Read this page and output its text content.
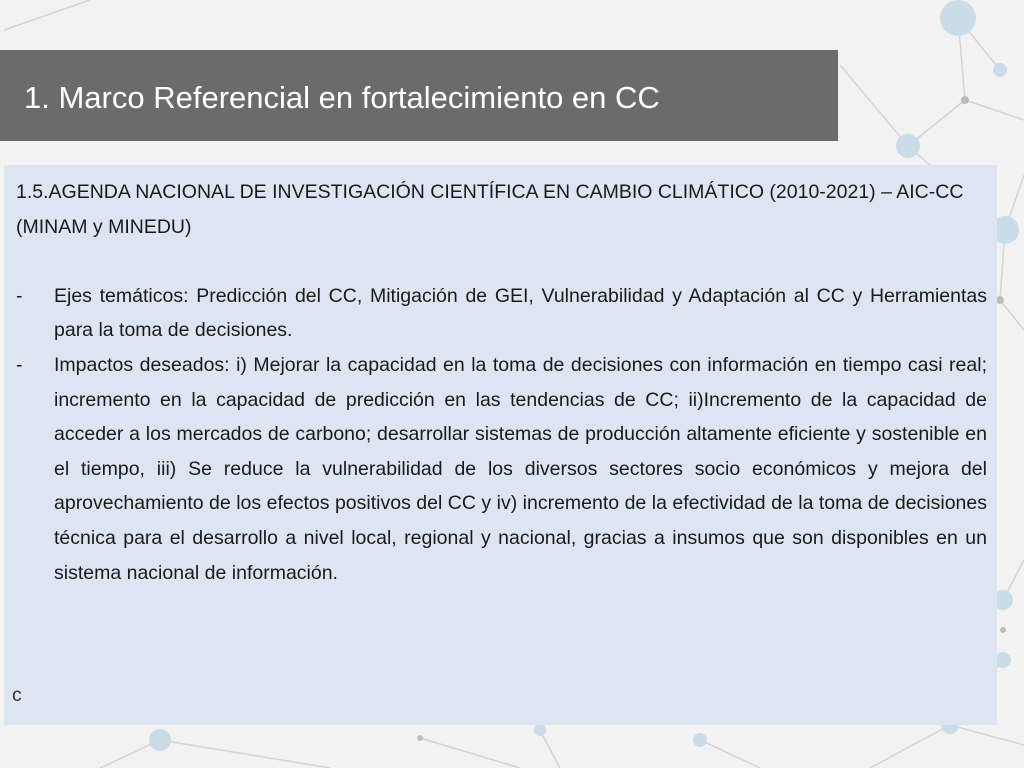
1. Marco Referencial en fortalecimiento en CC

1.5.AGENDA NACIONAL DE INVESTIGACIÓN CIENTÍFICA EN CAMBIO CLIMÁTICO (2010-2021) – AIC-CC (MINAM y MINEDU)

-	Ejes temáticos: Predicción del CC, Mitigación de GEI, Vulnerabilidad y Adaptación al CC y Herramientas para la toma de decisiones.
-	Impactos deseados: i) Mejorar la capacidad en la toma de decisiones con información en tiempo casi real; incremento en la capacidad de predicción en las tendencias de CC; ii)Incremento de la capacidad de acceder a los mercados de carbono; desarrollar sistemas de producción altamente eficiente y sostenible en el tiempo, iii) Se reduce la vulnerabilidad de los diversos sectores socio económicos y mejora del aprovechamiento de los efectos positivos del CC y iv) incremento de la efectividad de la toma de decisiones técnica para el desarrollo a nivel local, regional y nacional, gracias a insumos que son disponibles en un sistema nacional de información.
c
